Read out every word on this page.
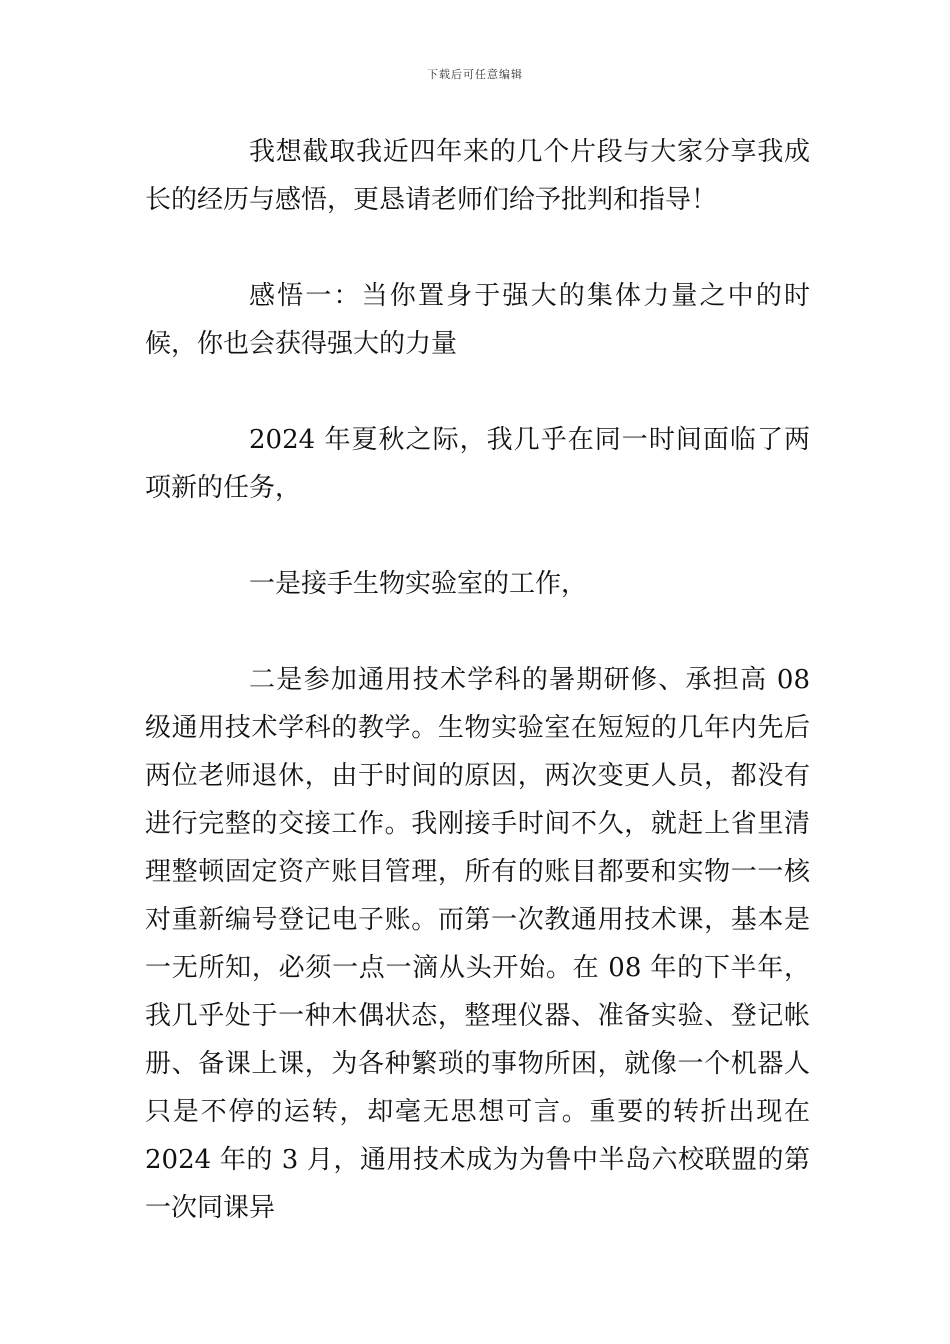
下载后可任意编辑

我想截取我近四年来的几个片段与大家分享我成长的经历与感悟，更恳请老师们给予批判和指导！

感悟一：当你置身于强大的集体力量之中的时候，你也会获得强大的力量

2024 年夏秋之际，我几乎在同一时间面临了两项新的任务，

一是接手生物实验室的工作，

二是参加通用技术学科的暑期研修、承担高 08 级通用技术学科的教学。生物实验室在短短的几年内先后两位老师退休，由于时间的原因，两次变更人员，都没有进行完整的交接工作。我刚接手时间不久，就赶上省里清理整顿固定资产账目管理，所有的账目都要和实物一一核对重新编号登记电子账。而第一次教通用技术课，基本是一无所知，必须一点一滴从头开始。在 08 年的下半年，我几乎处于一种木偶状态，整理仪器、准备实验、登记帐册、备课上课，为各种繁琐的事物所困，就像一个机器人只是不停的运转，却毫无思想可言。重要的转折出现在 2024 年的 3 月，通用技术成为为鲁中半岛六校联盟的第一次同课异
